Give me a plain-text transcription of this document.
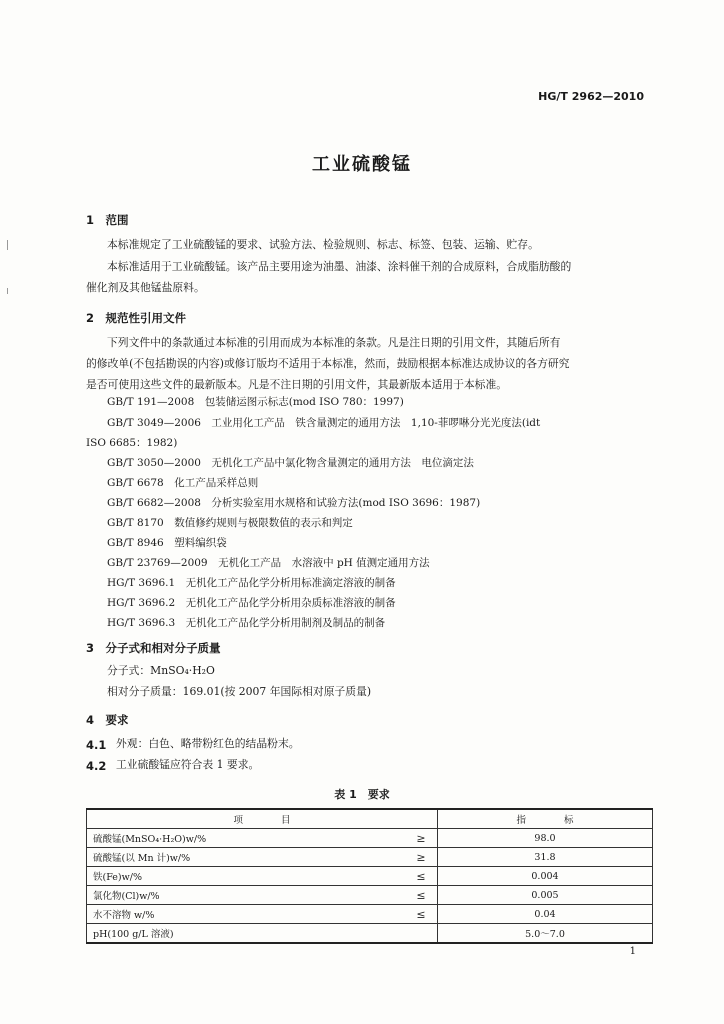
HG/T 2962—2010
工业硫酸锰
1　范围
本标准规定了工业硫酸锰的要求、试验方法、检验规则、标志、标签、包装、运输、贮存。
本标准适用于工业硫酸锰。该产品主要用途为油墨、油漆、涂料催干剂的合成原料，合成脂肪酸的
催化剂及其他锰盐原料。
2　规范性引用文件
下列文件中的条款通过本标准的引用而成为本标准的条款。凡是注日期的引用文件，其随后所有
的修改单(不包括勘误的内容)或修订版均不适用于本标准，然而，鼓励根据本标准达成协议的各方研究
是否可使用这些文件的最新版本。凡是不注日期的引用文件，其最新版本适用于本标准。
GB/T 191—2008　包装储运图示标志(mod ISO 780：1997)
GB/T 3049—2006　工业用化工产品　铁含量测定的通用方法　1,10-菲啰啉分光光度法(idt
ISO 6685：1982)
GB/T 3050—2000　无机化工产品中氯化物含量测定的通用方法　电位滴定法
GB/T 6678　化工产品采样总则
GB/T 6682—2008　分析实验室用水规格和试验方法(mod ISO 3696：1987)
GB/T 8170　数值修约规则与极限数值的表示和判定
GB/T 8946　塑料编织袋
GB/T 23769—2009　无机化工产品　水溶液中 pH 值测定通用方法
HG/T 3696.1　无机化工产品化学分析用标准滴定溶液的制备
HG/T 3696.2　无机化工产品化学分析用杂质标准溶液的制备
HG/T 3696.3　无机化工产品化学分析用制剂及制品的制备
3　分子式和相对分子质量
分子式：MnSO₄·H₂O
相对分子质量：169.01(按 2007 年国际相对原子质量)
4　要求
4.1 外观：白色、略带粉红色的结晶粉末。
4.2 工业硫酸锰应符合表 1 要求。
表 1　要求
项　　　　目		指　　　　标
硫酸锰(MnSO₄·H₂O)w/%	≥	98.0
硫酸锰(以 Mn 计)w/%	≥	31.8
铁(Fe)w/%	≤	0.004
氯化物(Cl)w/%	≤	0.005
水不溶物 w/%	≤	0.04
pH(100 g/L 溶液)		5.0～7.0
1
